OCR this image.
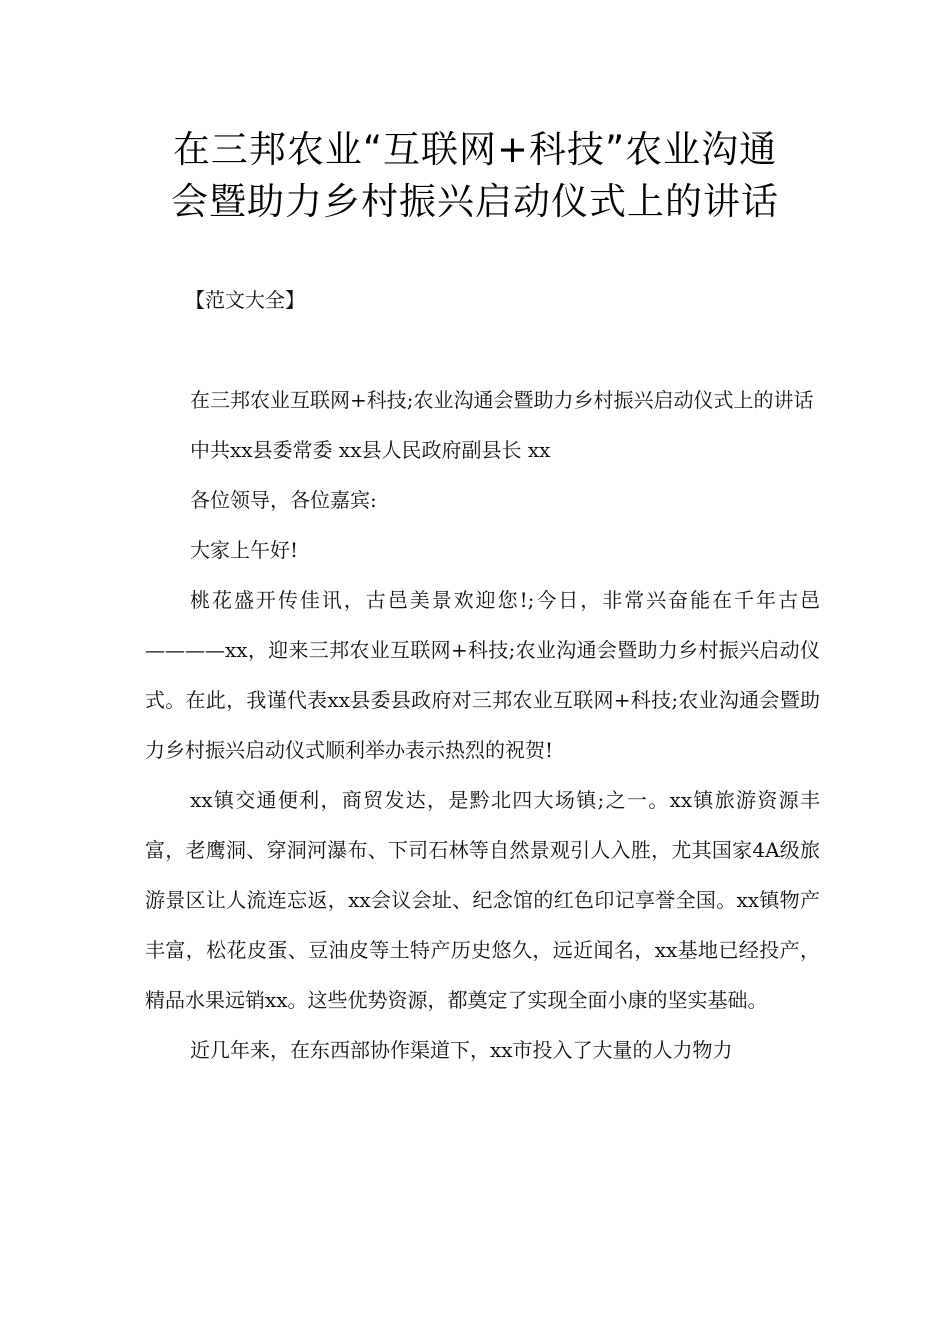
在三邦农业“互联网+科技”农业沟通
会暨助力乡村振兴启动仪式上的讲话

【范文大全】

在三邦农业互联网+科技;农业沟通会暨助力乡村振兴启动仪式上的讲话

中共xx县委常委 xx县人民政府副县长 xx

各位领导，各位嘉宾:

大家上午好!

桃花盛开传佳讯，古邑美景欢迎您!;今日，非常兴奋能在千年古邑————xx，迎来三邦农业互联网+科技;农业沟通会暨助力乡村振兴启动仪式。在此，我谨代表xx县委县政府对三邦农业互联网+科技;农业沟通会暨助力乡村振兴启动仪式顺利举办表示热烈的祝贺!

xx镇交通便利，商贸发达，是黔北四大场镇;之一。xx镇旅游资源丰富，老鹰洞、穿洞河瀑布、下司石林等自然景观引人入胜，尤其国家4A级旅游景区让人流连忘返，xx会议会址、纪念馆的红色印记享誉全国。xx镇物产丰富，松花皮蛋、豆油皮等土特产历史悠久，远近闻名，xx基地已经投产，精品水果远销xx。这些优势资源，都奠定了实现全面小康的坚实基础。

近几年来，在东西部协作渠道下，xx市投入了大量的人力物力
